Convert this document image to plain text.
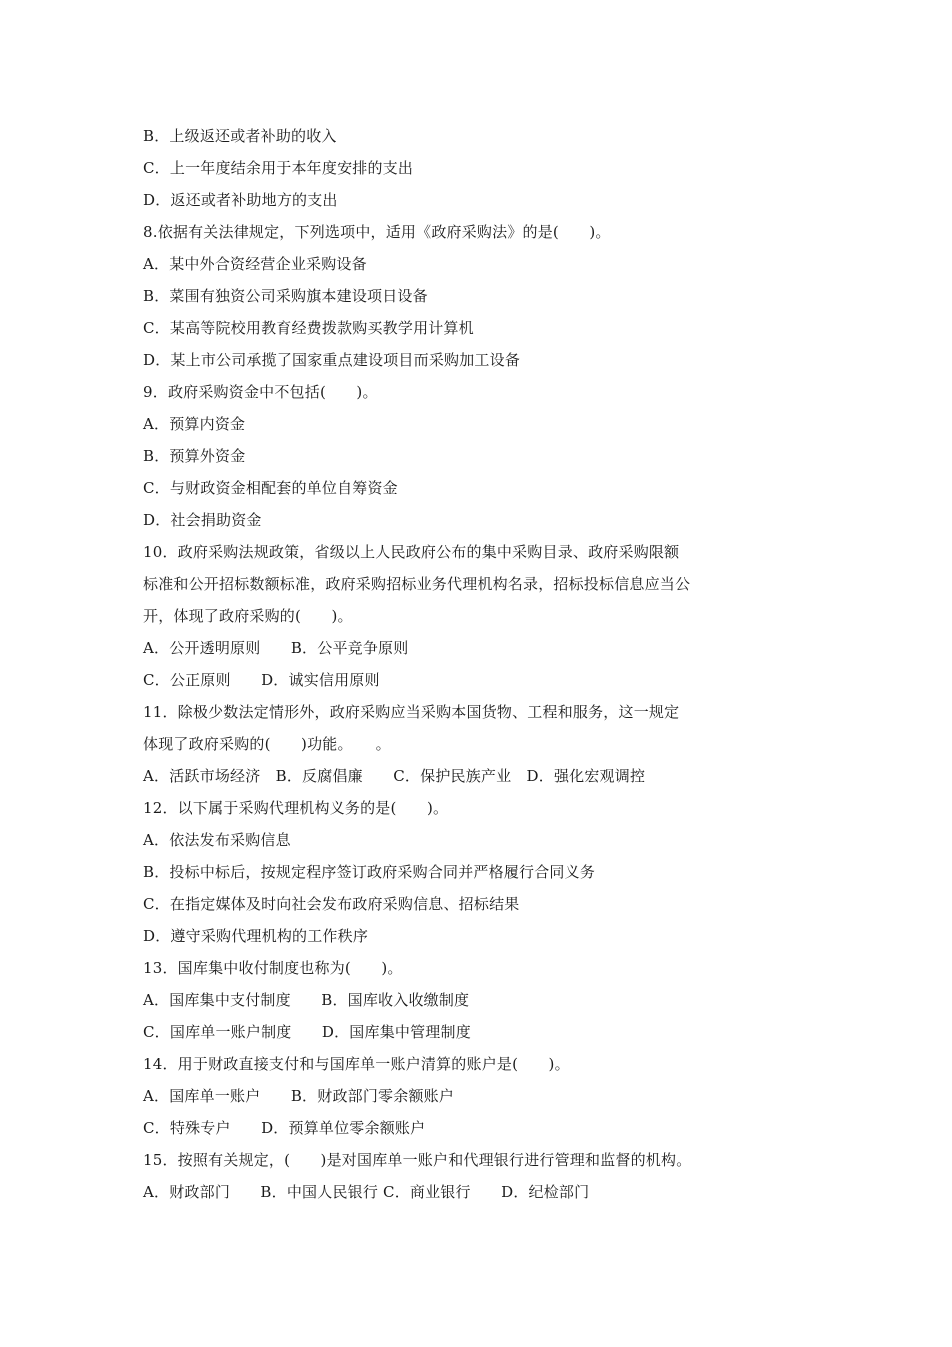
B．上级返还或者补助的收入
C．上一年度结余用于本年度安排的支出
D．返还或者补助地方的支出
8.依据有关法律规定，下列选项中，适用《政府采购法》的是(　　)。
A．某中外合资经营企业采购设备
B．菜围有独资公司采购旗本建设项日设备
C．某高等院校用教育经费拨款购买教学用计算机
D．某上市公司承揽了国家重点建设项目而采购加工设备
9．政府采购资金中不包括(　　)。
A．预算内资金
B．预算外资金
C．与财政资金相配套的单位自筹资金
D．社会捐助资金
10．政府采购法规政策，省级以上人民政府公布的集中采购目录、政府采购限额
标准和公开招标数额标准，政府采购招标业务代理机构名录，招标投标信息应当公
开，体现了政府采购的(　　)。
A．公开透明原则　　B．公平竞争原则
C．公正原则　　D．诚实信用原则
11．除极少数法定情形外，政府采购应当采购本国货物、工程和服务，这一规定
体现了政府采购的(　　)功能。　　。
A．活跃市场经济　B．反腐倡廉　　C．保护民族产业　D．强化宏观调控
12．以下属于采购代理机构义务的是(　　)。
A．依法发布采购信息
B．投标中标后，按规定程序签订政府采购合同并严格履行合同义务
C．在指定媒体及时向社会发布政府采购信息、招标结果
D．遵守采购代理机构的工作秩序
13．国库集中收付制度也称为(　　)。
A．国库集中支付制度　　B．国库收入收缴制度
C．国库单一账户制度　　D．国库集中管理制度
14．用于财政直接支付和与国库单一账户清算的账户是(　　)。
A．国库单一账户　　B．财政部门零余额账户
C．特殊专户　　D．预算单位零余额账户
15．按照有关规定，(　　)是对国库单一账户和代理银行进行管理和监督的机构。
A．财政部门　　B．中国人民银行 C．商业银行　　D．纪检部门
